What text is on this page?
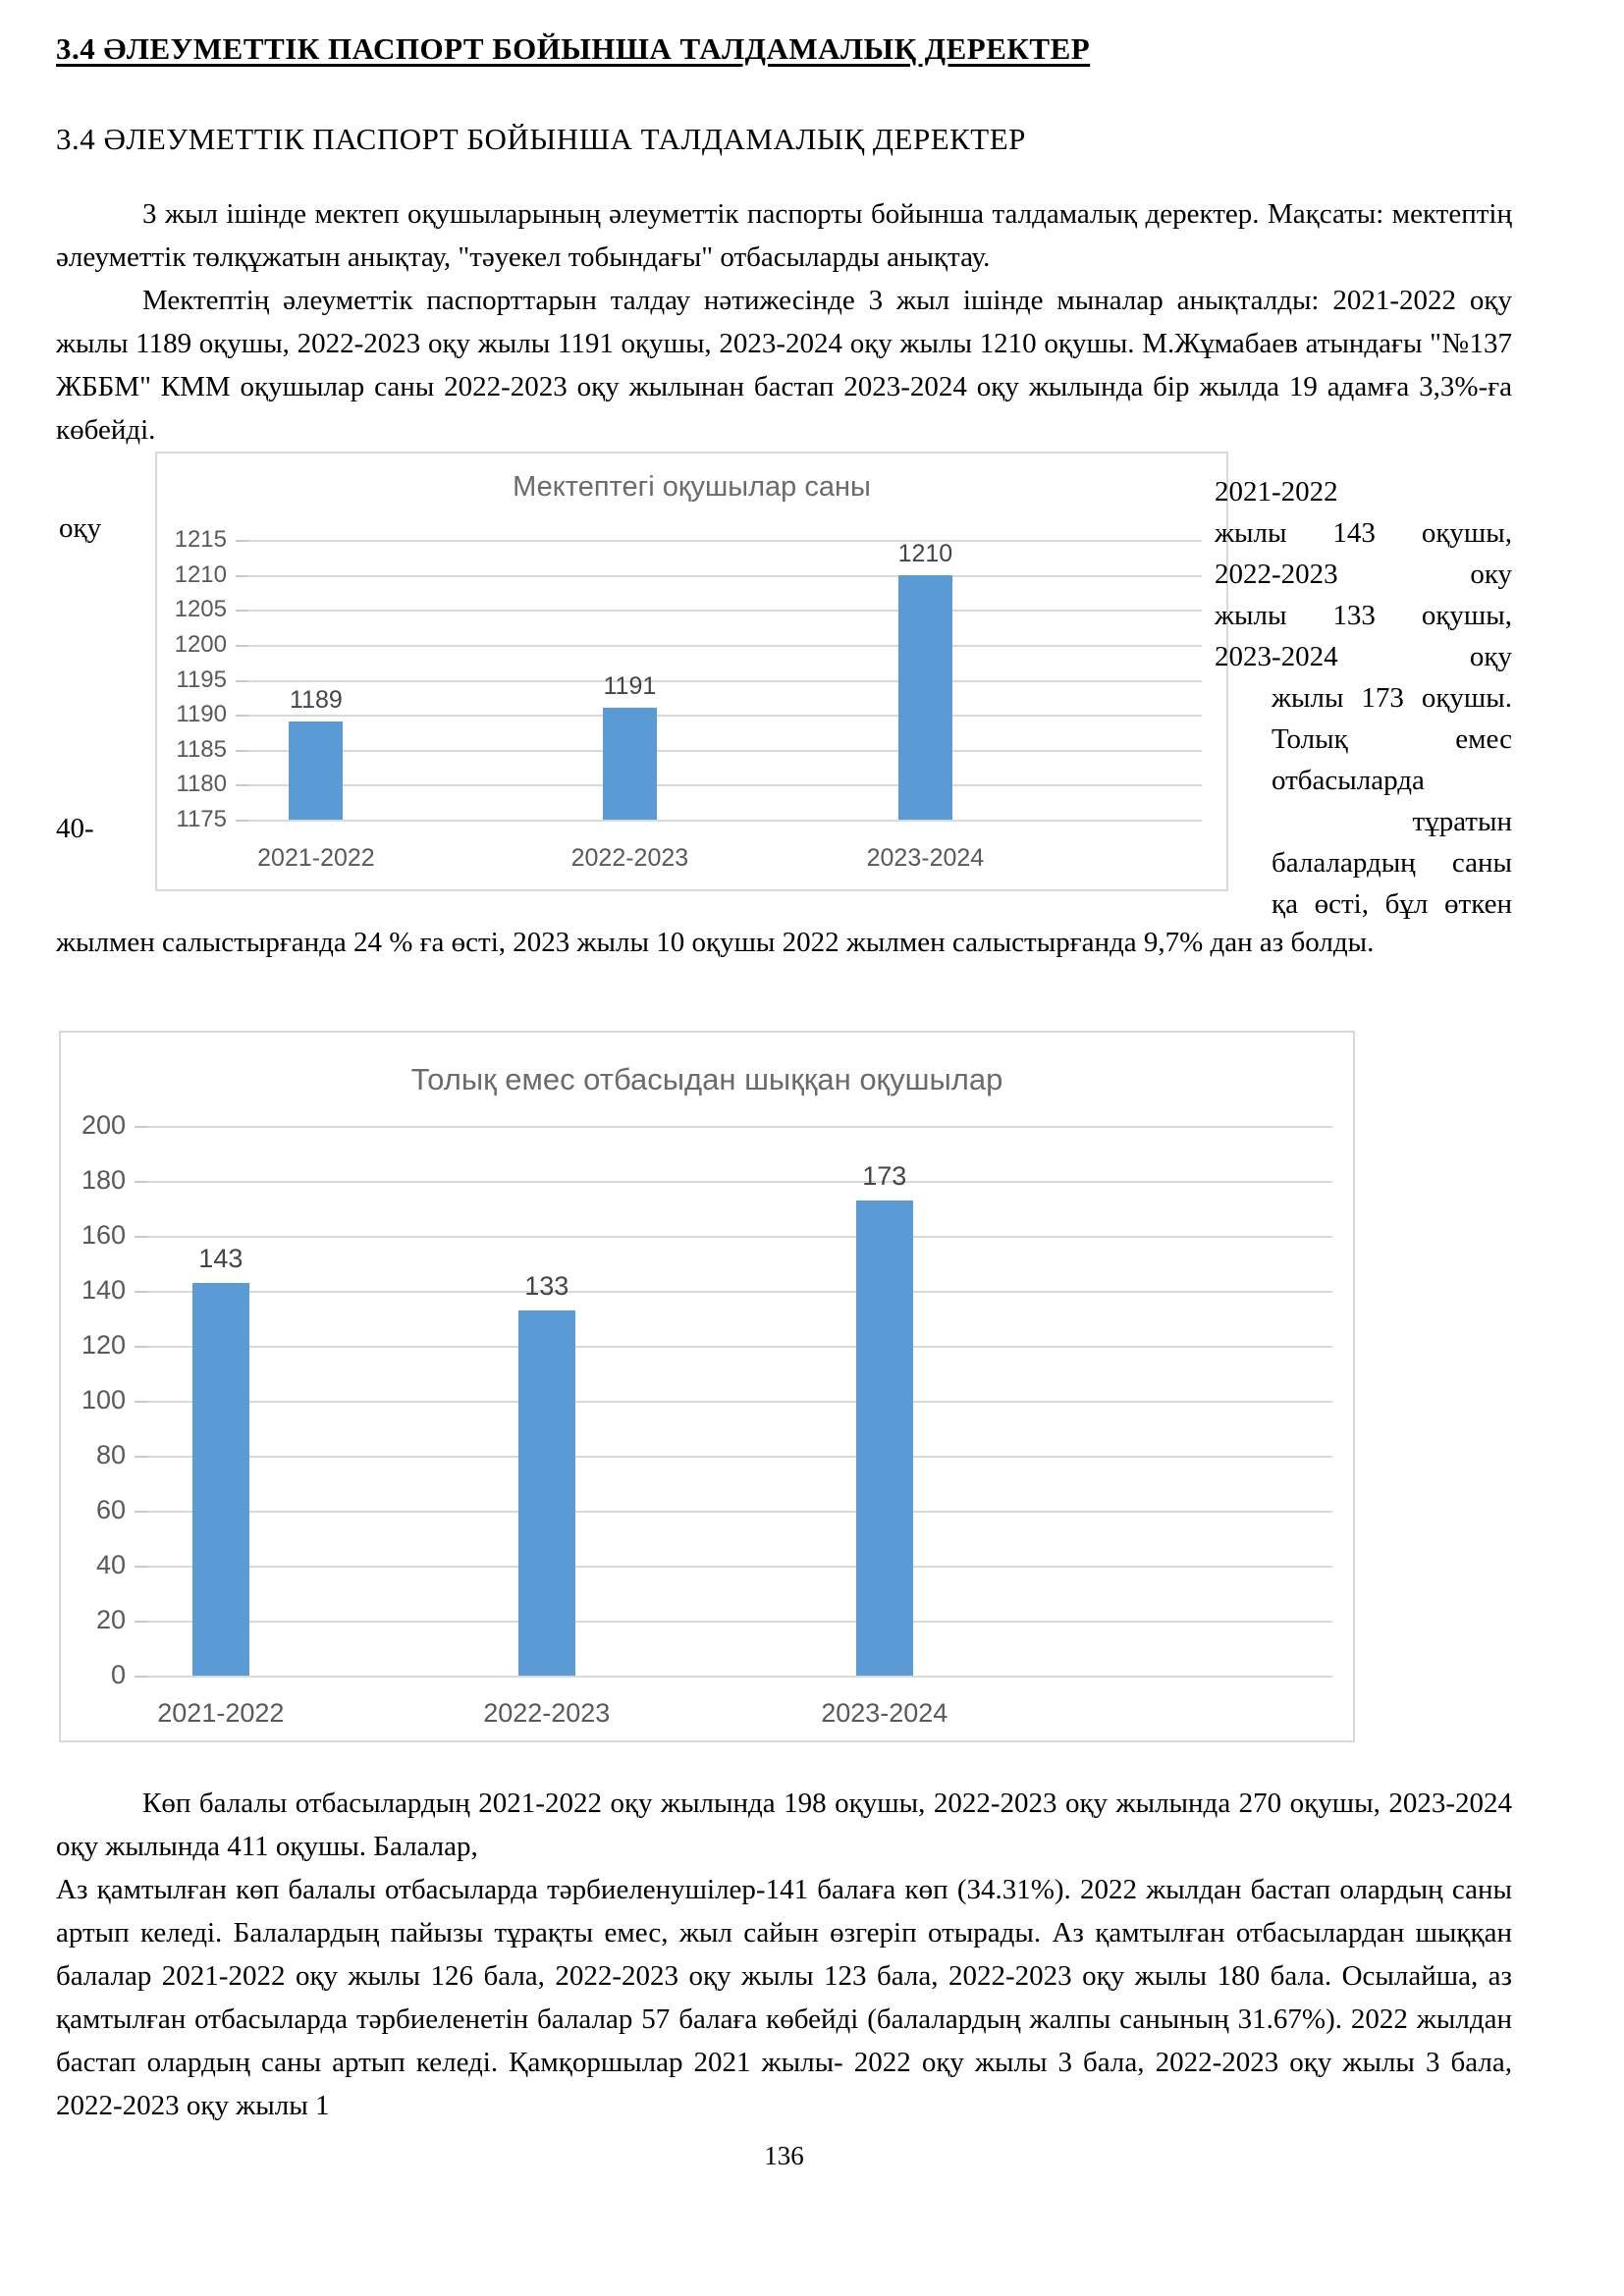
3.4 ӘЛЕУМЕТТІК ПАСПОРТ БОЙЫНША ТАЛДАМАЛЫҚ ДЕРЕКТЕР
3.4 ӘЛЕУМЕТТІК ПАСПОРТ БОЙЫНША ТАЛДАМАЛЫҚ ДЕРЕКТЕР

3 жыл ішінде мектеп оқушыларының әлеуметтік паспорты бойынша талдамалық деректер. Мақсаты: мектептің әлеуметтік төлқұжатын анықтау, "тәуекел тобындағы" отбасыларды анықтау.

Мектептің әлеуметтік паспорттарын талдау нәтижесінде 3 жыл ішінде мыналар анықталды: 2021-2022 оқу жылы 1189 оқушы, 2022-2023 оқу жылы 1191 оқушы, 2023-2024 оқу жылы 1210 оқушы. М.Жұмабаев атындағы "№137 ЖББМ" КММ оқушылар саны 2022-2023 оқу жылынан бастап 2023-2024 оқу жылында бір жылда 19 адамға 3,3%-ға көбейді.

оқу
40-
Мектептегі оқушылар саны
1175
1180
1185
1190
1195
1200
1205
1210
1215
1189
2021-2022
1191
2022-2023
1210
2023-2024
2021-2022
жылы 143 оқушы,
2022-2023 оку
жылы 133 оқушы,
2023-2024 оқу
жылы 173 оқушы.
Толық емес
отбасыларда
тұратын
балалардың саны
қа өсті, бұл өткен
жылмен салыстырғанда 24 % ға өсті, 2023 жылы 10 оқушы 2022 жылмен салыстырғанда 9,7% дан аз болды.
Толық емес отбасыдан шыққан оқушылар
0
20
40
60
80
100
120
140
160
180
200
143
2021-2022
133
2022-2023
173
2023-2024

Көп балалы отбасылардың 2021-2022 оқу жылында 198 оқушы, 2022-2023 оқу жылында 270 оқушы, 2023-2024 оқу жылында 411 оқушы. Балалар,

Аз қамтылған көп балалы отбасыларда тәрбиеленушілер-141 балаға көп (34.31%). 2022 жылдан бастап олардың саны артып келеді. Балалардың пайызы тұрақты емес, жыл сайын өзгеріп отырады. Аз қамтылған отбасылардан шыққан балалар 2021-2022 оқу жылы 126 бала, 2022-2023 оқу жылы 123 бала, 2022-2023 оқу жылы 180 бала. Осылайша, аз қамтылған отбасыларда тәрбиеленетін балалар 57 балаға көбейді (балалардың жалпы санының 31.67%). 2022 жылдан бастап олардың саны артып келеді. Қамқоршылар 2021 жылы- 2022 оқу жылы 3 бала, 2022-2023 оқу жылы 3 бала, 2022-2023 оқу жылы 1

136
